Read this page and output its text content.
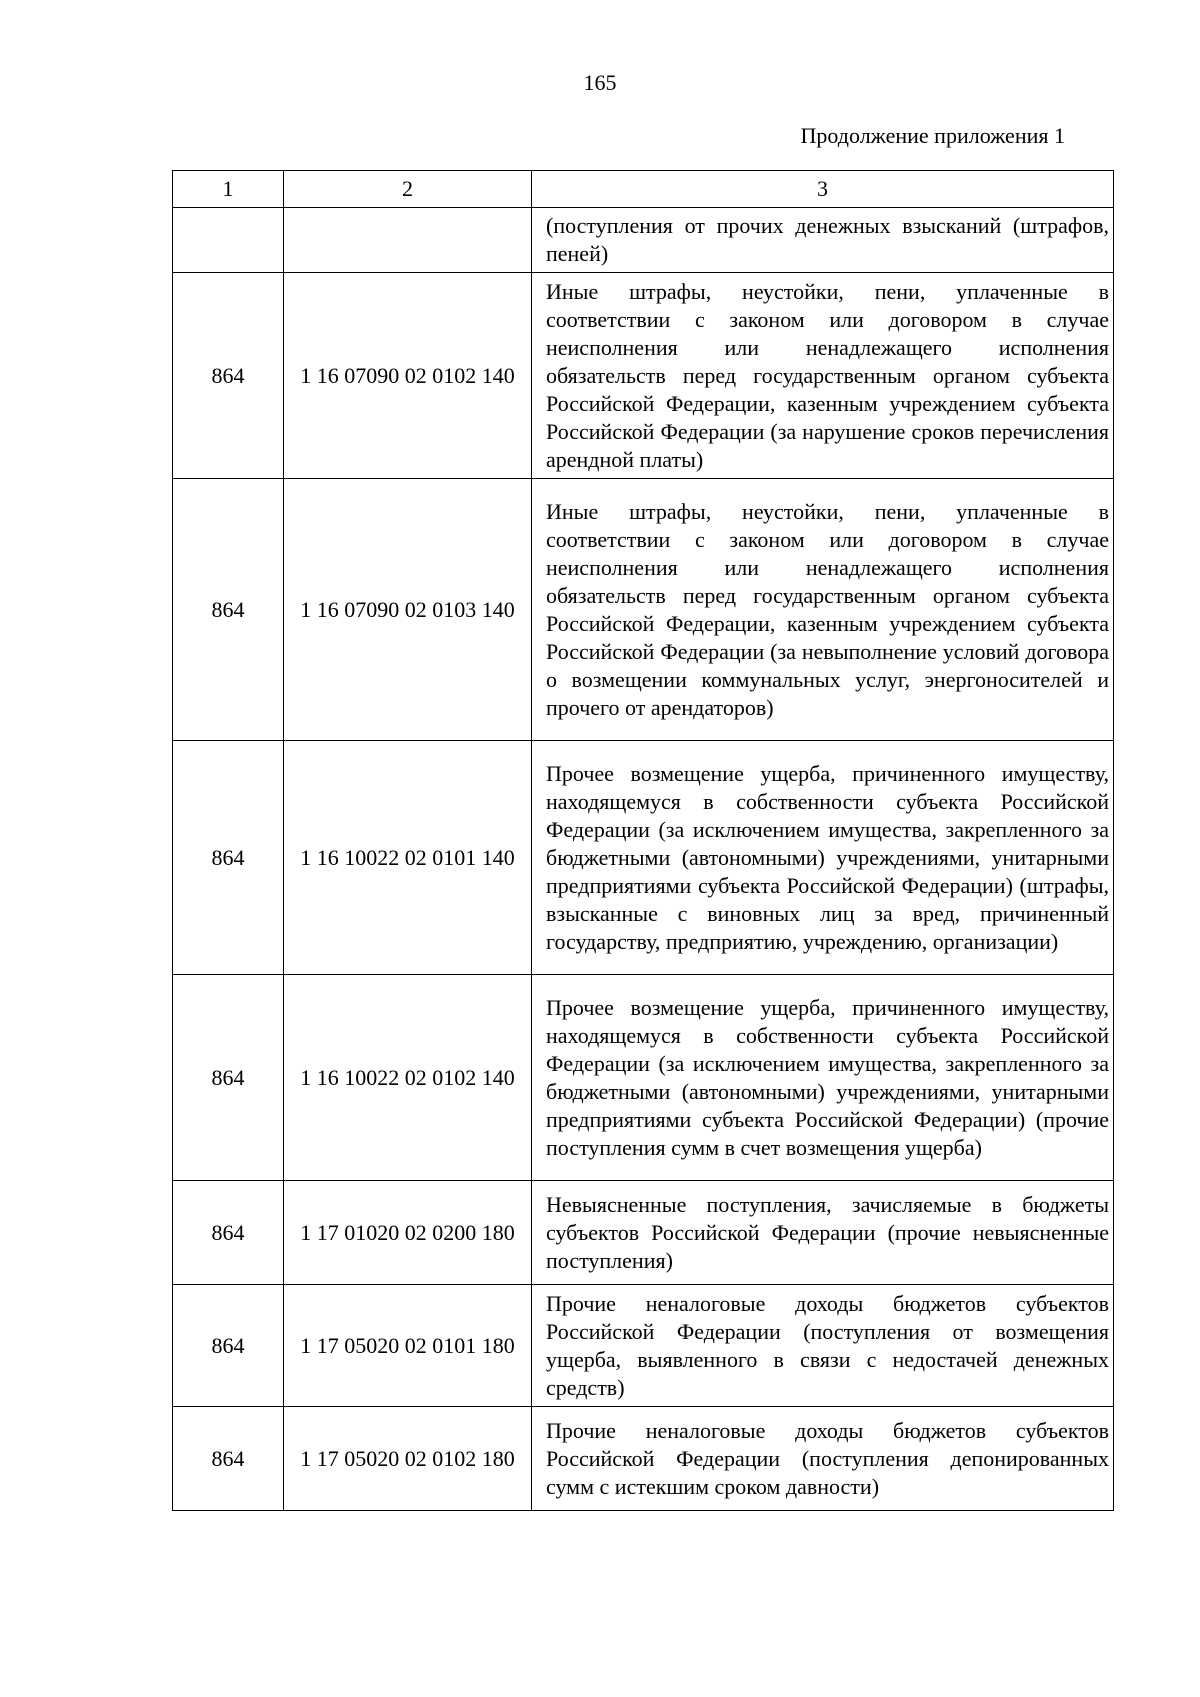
165
Продолжение приложения 1
1	2	3
		(поступления от прочих денежных взысканий (штрафов, пеней)
864	1 16 07090 02 0102 140	Иные штрафы, неустойки, пени, уплаченные в соответствии с законом или договором в случае неисполнения или ненадлежащего исполнения обязательств перед государственным органом субъекта Российской Федерации, казенным учреждением субъекта Российской Федерации (за нарушение сроков перечисления арендной платы)
864	1 16 07090 02 0103 140	Иные штрафы, неустойки, пени, уплаченные в соответствии с законом или договором в случае неисполнения или ненадлежащего исполнения обязательств перед государственным органом субъекта Российской Федерации, казенным учреждением субъекта Российской Федерации (за невыполнение условий договора о возмещении коммунальных услуг, энергоносителей и прочего от арендаторов)
864	1 16 10022 02 0101 140	Прочее возмещение ущерба, причиненного имуществу, находящемуся в собственности субъекта Российской Федерации (за исключением имущества, закрепленного за бюджетными (автономными) учреждениями, унитарными предприятиями субъекта Российской Федерации) (штрафы, взысканные с виновных лиц за вред, причиненный государству, предприятию, учреждению, организации)
864	1 16 10022 02 0102 140	Прочее возмещение ущерба, причиненного имуществу, находящемуся в собственности субъекта Российской Федерации (за исключением имущества, закрепленного за бюджетными (автономными) учреждениями, унитарными предприятиями субъекта Российской Федерации) (прочие поступления сумм в счет возмещения ущерба)
864	1 17 01020 02 0200 180	Невыясненные поступления, зачисляемые в бюджеты субъектов Российской Федерации (прочие невыясненные поступления)
864	1 17 05020 02 0101 180	Прочие неналоговые доходы бюджетов субъектов Российской Федерации (поступления от возмещения ущерба, выявленного в связи с недостачей денежных средств)
864	1 17 05020 02 0102 180	Прочие неналоговые доходы бюджетов субъектов Российской Федерации (поступления депонированных сумм с истекшим сроком давности)
